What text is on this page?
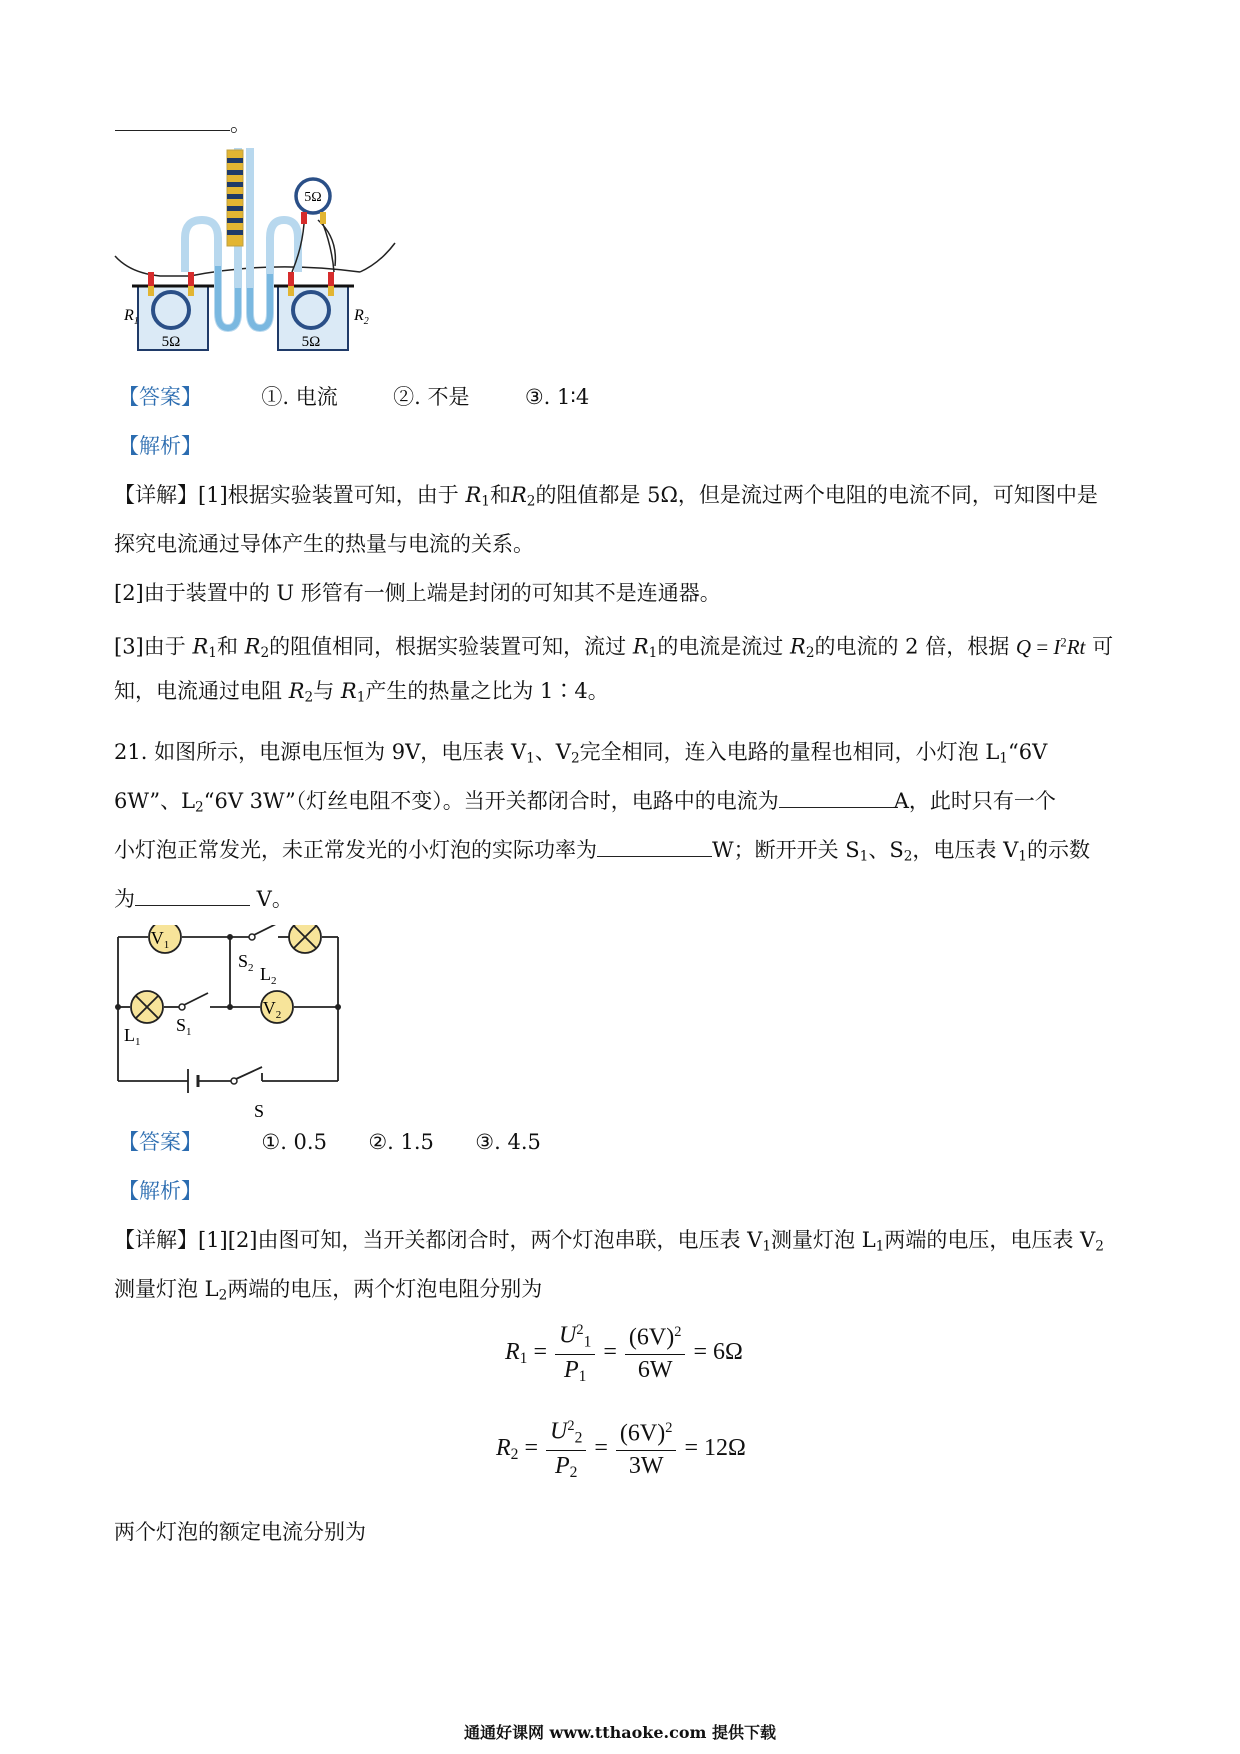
。
5Ω	5Ω
5Ω
$R_1$	$R_2$
【答案】	①. 电流	②. 不是	③. 1∶4
【解析】
【详解】[1]根据实验装置可知，由于 $R_1$和$R_2$的阻值都是 5Ω，但是流过两个电阻的电流不同，可知图中是
探究电流通过导体产生的热量与电流的关系。
[2]由于装置中的 U 形管有一侧上端是封闭的可知其不是连通器。
[3]由于 $R_1$和 $R_2$的阻值相同，根据实验装置可知，流过 $R_1$的电流是流过 $R_2$的电流的 2 倍，根据 $Q = I^2Rt$ 可
知，电流通过电阻 $R_2$与 $R_1$产生的热量之比为 1∶4。
21. 如图所示，电源电压恒为 9V，电压表 $V_1$、$V_2$完全相同，连入电路的量程也相同，小灯泡 $L_1“6V$
6W”、$L_2“6V$ 3W”（灯丝电阻不变）。当开关都闭合时，电路中的电流为	A，此时只有一个
小灯泡正常发光，未正常发光的小灯泡的实际功率为	W；断开开关 $S_1$、$S_2$，电压表 $V_1$的示数
为	V。
$V_1$
$V_2$
$S_2$ $L_2$
$L_1$
$S_1$
S
【答案】	①. 0.5 ②. 1.5 ③. 4.5
【解析】
【详解】[1][2]由图可知，当开关都闭合时，两个灯泡串联，电压表 $V_1$测量灯泡 $L_1$两端的电压，电压表 $V_2$
测量灯泡 $L_2$两端的电压，两个灯泡电阻分别为
$R_1 = \frac{U^2_1}{P_1} = \frac{(6V)^2}{6W} = 6\Omega$
$R_2 = \frac{U^2_2}{P_2} = \frac{(6V)^2}{3W} = 12\Omega$
两个灯泡的额定电流分别为
通通好课网 www.tthaoke.com 提供下载
